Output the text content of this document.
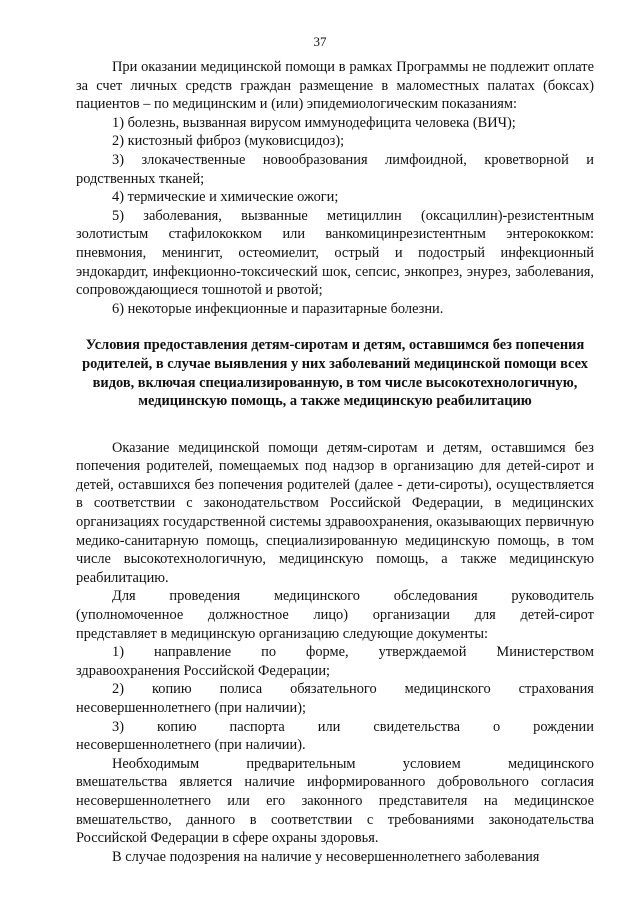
37

При оказании медицинской помощи в рамках Программы не подлежит оплате за счет личных средств граждан размещение в маломестных палатах (боксах) пациентов – по медицинским и (или) эпидемиологическим показаниям:

1) болезнь, вызванная вирусом иммунодефицита человека (ВИЧ);

2) кистозный фиброз (муковисцидоз);

3) злокачественные новообразования лимфоидной, кроветворной и родственных тканей;

4) термические и химические ожоги;

5) заболевания, вызванные метициллин (оксациллин)-резистентным золотистым стафилококком или ванкомицинрезистентным энтерококком: пневмония, менингит, остеомиелит, острый и подострый инфекционный эндокардит, инфекционно-токсический шок, сепсис, энкопрез, энурез, заболевания, сопровождающиеся тошнотой и рвотой;

6) некоторые инфекционные и паразитарные болезни.

Условия предоставления детям-сиротам и детям, оставшимся без попечения родителей, в случае выявления у них заболеваний медицинской помощи всех видов, включая специализированную, в том числе высокотехнологичную, медицинскую помощь, а также медицинскую реабилитацию

Оказание медицинской помощи детям-сиротам и детям, оставшимся без попечения родителей, помещаемых под надзор в организацию для детей-сирот и детей, оставшихся без попечения родителей (далее - дети-сироты), осуществляется в соответствии с законодательством Российской Федерации, в медицинских организациях государственной системы здравоохранения, оказывающих первичную медико-санитарную помощь, специализированную медицинскую помощь, в том числе высокотехнологичную, медицинскую помощь, а также медицинскую реабилитацию.

Для проведения медицинского обследования руководитель
(уполномоченное должностное лицо) организации для детей-сирот

представляет в медицинскую организацию следующие документы:

1) направление по форме, утверждаемой Министерством

здравоохранения Российской Федерации;

2) копию полиса обязательного медицинского страхования

несовершеннолетнего (при наличии);

3) копию паспорта или свидетельства о рождении

несовершеннолетнего (при наличии).

Необходимым	предварительным	условием	медицинского

вмешательства является наличие информированного добровольного согласия несовершеннолетнего или его законного представителя на медицинское вмешательство, данного в соответствии с требованиями законодательства Российской Федерации в сфере охраны здоровья.

В случае подозрения на наличие у несовершеннолетнего заболевания
